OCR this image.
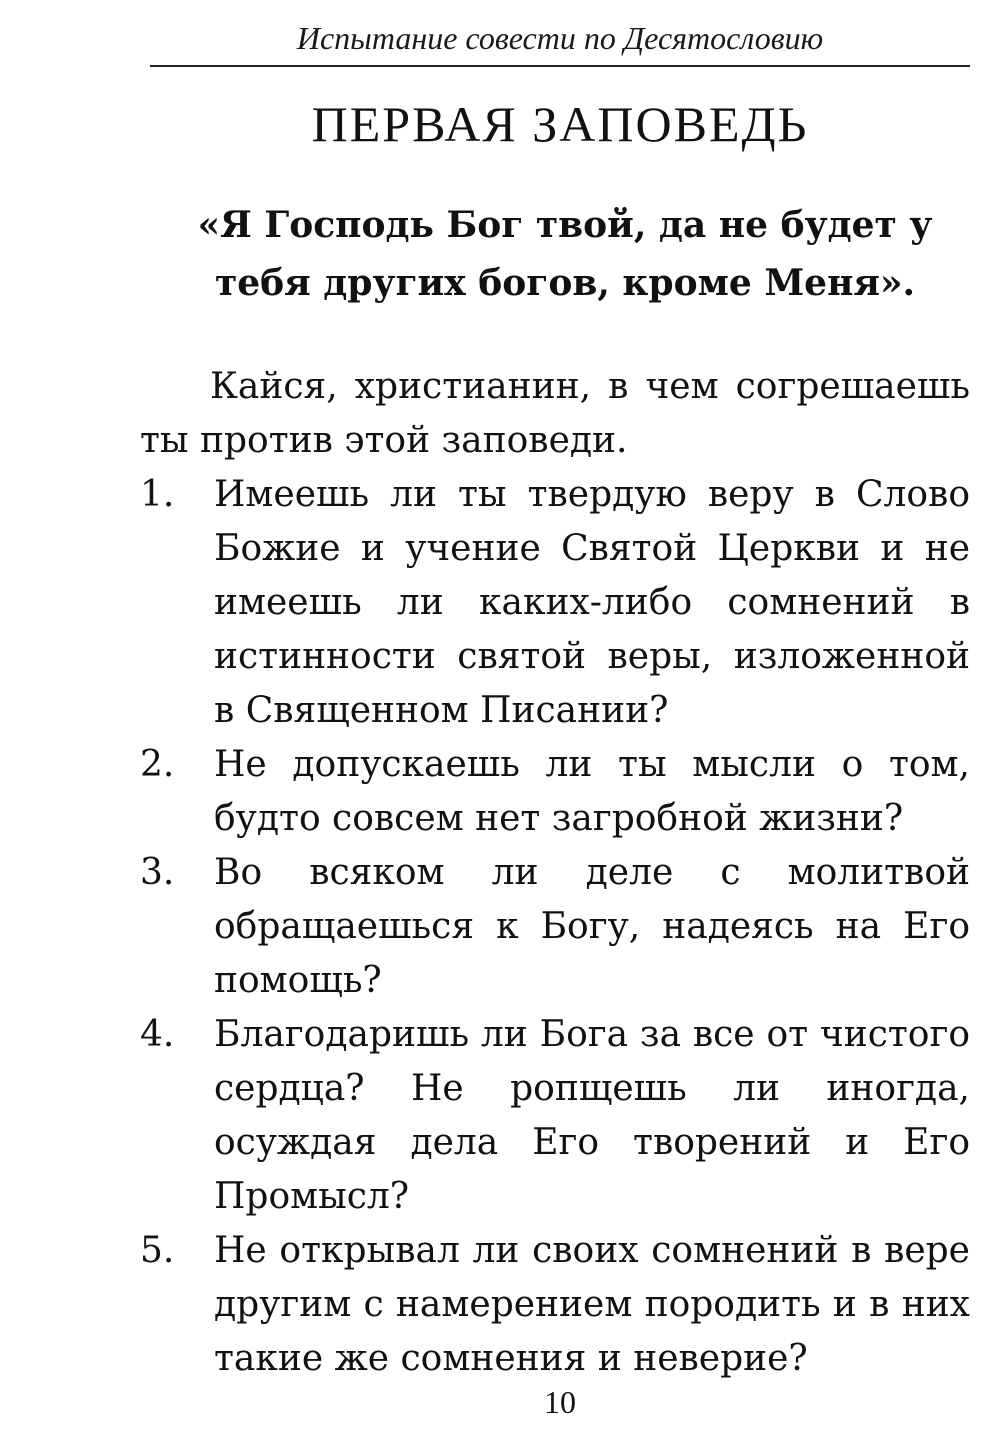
Испытание совести по Десятословию
ПЕРВАЯ ЗАПОВЕДЬ
«Я Господь Бог твой, да не будет у тебя других богов, кроме Меня».

Кайся, христианин, в чем согрешаешь ты против этой заповеди.

1.	Имеешь ли ты твердую веру в Слово Божие и учение Святой Церкви и не имеешь ли каких-либо сомнений в истинности святой веры, изложенной в Священном Писании?
2.	Не допускаешь ли ты мысли о том, будто совсем нет загробной жизни?
3.	Во всяком ли деле с молитвой обращаешься к Богу, надеясь на Его помощь?
4.	Благодаришь ли Бога за все от чистого сердца? Не ропщешь ли иногда, осуждая дела Его творений и Его Промысл?
5.	Не открывал ли своих сомнений в вере другим с намерением породить и в них такие же сомнения и неверие?
10
